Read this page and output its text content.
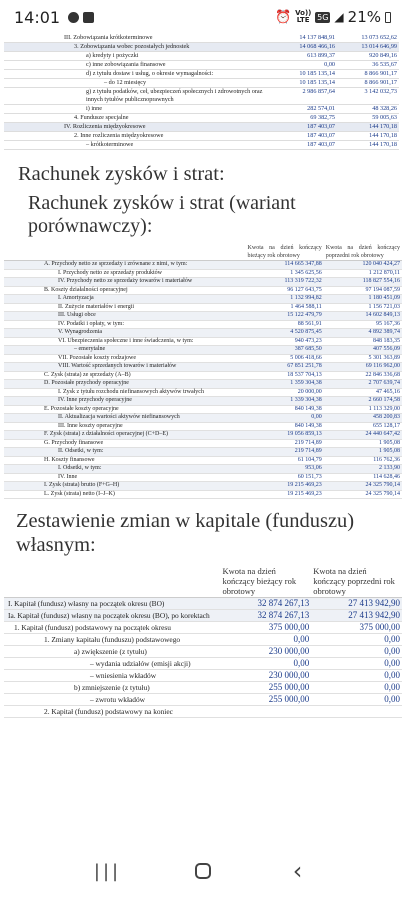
14:01	⏰ Vo)) LTE 5G ◢ 21%
III. Zobowiązania krótkoterminowe	14 137 848,91	13 073 652,62
3. Zobowiązania wobec pozostałych jednostek	14 068 466,16	13 014 646,99
a) kredyty i pożyczki	613 899,37	920 849,16
c) inne zobowiązania finansowe	0,00	36 535,67
d) z tytułu dostaw i usług, o okresie wymagalności:	10 185 135,14	8 866 901,17
– do 12 miesięcy	10 185 135,14	8 866 901,17
g) z tytułu podatków, ceł, ubezpieczeń społecznych i zdrowotnych oraz innych tytułów publicznoprawnych	2 986 857,64	3 142 032,73
i) inne	282 574,01	48 328,26
4. Fundusze specjalne	69 382,75	59 005,63
IV. Rozliczenia międzyokresowe	187 403,07	144 170,18
2. Inne rozliczenia międzyokresowe	187 403,07	144 170,18
– krótkoterminowe	187 403,07	144 170,18
Rachunek zysków i strat:
Rachunek zysków i strat (wariant porównawczy):
	Kwota na dzień kończący bieżący rok obrotowy	Kwota na dzień kończący poprzedni rok obrotowy
A. Przychody netto ze sprzedaży i zrównane z nimi, w tym:	114 665 347,88	120 040 424,27
I. Przychody netto ze sprzedaży produktów	1 345 625,56	1 212 870,11
IV. Przychody netto ze sprzedaży towarów i materiałów	113 319 722,32	118 827 554,16
B. Koszty działalności operacyjnej	96 127 643,75	97 194 087,59
I. Amortyzacja	1 132 994,82	1 180 451,09
II. Zużycie materiałów i energii	1 464 588,11	1 156 721,03
III. Usługi obce	15 122 479,79	14 602 849,13
IV. Podatki i opłaty, w tym:	88 561,91	95 167,36
V. Wynagrodzenia	4 520 875,45	4 892 389,74
VI. Ubezpieczenia społeczne i inne świadczenia, w tym:	940 473,23	848 183,35
– emerytalne	387 685,50	407 556,09
VII. Pozostałe koszty rodzajowe	5 006 418,66	5 301 363,89
VIII. Wartość sprzedanych towarów i materiałów	67 851 251,78	69 116 962,00
C. Zysk (strata) ze sprzedaży (A–B)	18 537 704,13	22 846 336,68
D. Pozostałe przychody operacyjne	1 359 304,38	2 707 639,74
I. Zysk z tytułu rozchodu niefinansowych aktywów trwałych	20 000,00	47 465,16
IV. Inne przychody operacyjne	1 339 304,38	2 660 174,58
E. Pozostałe koszty operacyjne	840 149,38	1 113 329,00
II. Aktualizacja wartości aktywów niefinansowych	0,00	458 200,83
III. Inne koszty operacyjne	840 149,38	655 128,17
F. Zysk (strata) z działalności operacyjnej (C+D–E)	19 056 859,13	24 440 647,42
G. Przychody finansowe	219 714,89	1 905,08
II. Odsetki, w tym:	219 714,89	1 905,08
H. Koszty finansowe	61 104,79	116 762,36
I. Odsetki, w tym:	953,06	2 133,90
IV. Inne	60 151,73	114 628,46
I. Zysk (strata) brutto (F+G–H)	19 215 469,23	24 325 790,14
L. Zysk (strata) netto (I–J–K)	19 215 469,23	24 325 790,14
Zestawienie zmian w kapitale (funduszu) własnym:
	Kwota na dzień kończący bieżący rok obrotowy	Kwota na dzień kończący poprzedni rok obrotowy
I. Kapitał (fundusz) własny na początek okresu (BO)	32 874 267,13	27 413 942,90
Ia. Kapitał (fundusz) własny na początek okresu (BO), po korektach	32 874 267,13	27 413 942,90
1. Kapitał (fundusz) podstawowy na początek okresu	375 000,00	375 000,00
1. Zmiany kapitału (funduszu) podstawowego	0,00	0,00
a) zwiększenie (z tytułu)	230 000,00	0,00
– wydania udziałów (emisji akcji)	0,00	0,00
– wniesienia wkładów	230 000,00	0,00
b) zmniejszenie (z tytułu)	255 000,00	0,00
– zwrotu wkładów	255 000,00	0,00
2. Kapitał (fundusz) podstawowy na koniec		
|||	‹
